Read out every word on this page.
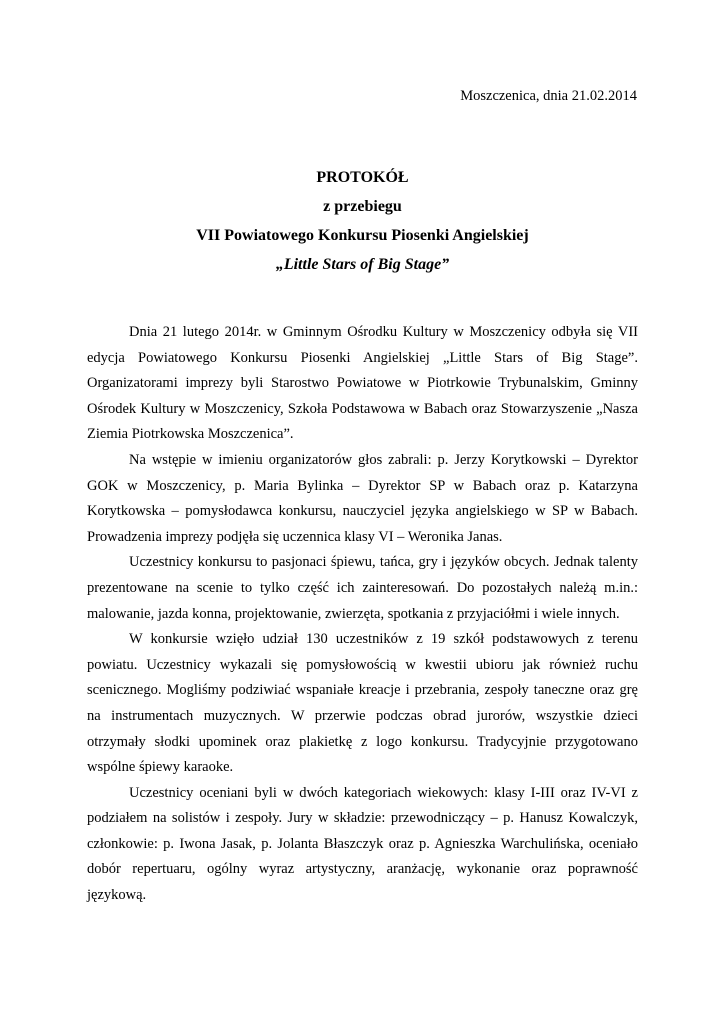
Moszczenica, dnia 21.02.2014
PROTOKÓŁ
z przebiegu
VII Powiatowego Konkursu Piosenki Angielskiej
„Little Stars of Big Stage”

Dnia 21 lutego 2014r. w Gminnym Ośrodku Kultury w Moszczenicy odbyła się VII edycja Powiatowego Konkursu Piosenki Angielskiej „Little Stars of Big Stage”. Organizatorami imprezy byli Starostwo Powiatowe w Piotrkowie Trybunalskim, Gminny Ośrodek Kultury w Moszczenicy, Szkoła Podstawowa w Babach oraz Stowarzyszenie „Nasza Ziemia Piotrkowska Moszczenica”.

Na wstępie w imieniu organizatorów głos zabrali: p. Jerzy Korytkowski – Dyrektor GOK w Moszczenicy, p. Maria Bylinka – Dyrektor SP w Babach oraz p. Katarzyna Korytkowska – pomysłodawca konkursu, nauczyciel języka angielskiego w SP w Babach. Prowadzenia imprezy podjęła się uczennica klasy VI – Weronika Janas.

Uczestnicy konkursu to pasjonaci śpiewu, tańca, gry i języków obcych. Jednak talenty prezentowane na scenie to tylko część ich zainteresowań. Do pozostałych należą m.in.: malowanie, jazda konna, projektowanie, zwierzęta, spotkania z przyjaciółmi i wiele innych.

W konkursie wzięło udział 130 uczestników z 19 szkół podstawowych z terenu powiatu. Uczestnicy wykazali się pomysłowością w kwestii ubioru jak również ruchu scenicznego. Mogliśmy podziwiać wspaniałe kreacje i przebrania, zespoły taneczne oraz grę na instrumentach muzycznych. W przerwie podczas obrad jurorów, wszystkie dzieci otrzymały słodki upominek oraz plakietkę z logo konkursu. Tradycyjnie przygotowano wspólne śpiewy karaoke.

Uczestnicy oceniani byli w dwóch kategoriach wiekowych: klasy I-III oraz IV-VI z podziałem na solistów i zespoły. Jury w składzie: przewodniczący – p. Hanusz Kowalczyk, członkowie: p. Iwona Jasak, p. Jolanta Błaszczyk oraz p. Agnieszka Warchulińska, oceniało dobór repertuaru, ogólny wyraz artystyczny, aranżację, wykonanie oraz poprawność językową.
